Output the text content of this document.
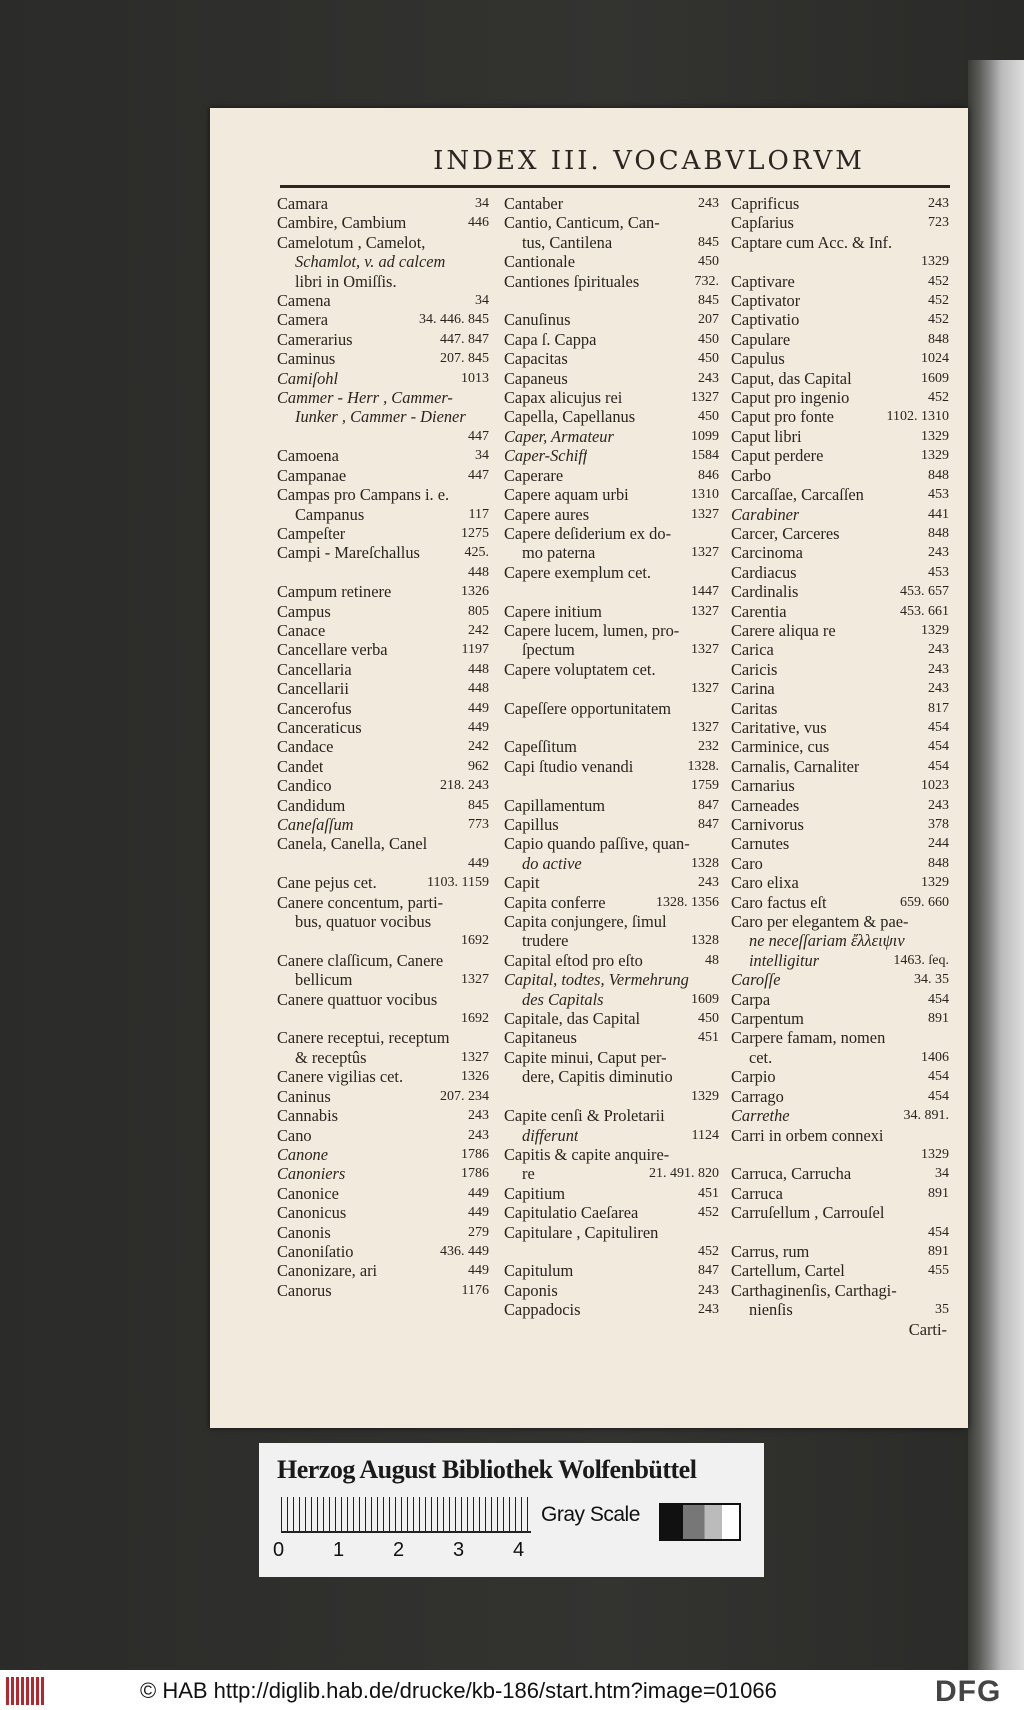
INDEX III. VOCABVLORVM
Camara	34
Cambire, Cambium	446
Camelotum , Camelot,
Schamlot, v. ad calcem
libri in Omiſſis.
Camena	34
Camera	34. 446. 845
Camerarius	447. 847
Caminus	207. 845
Camiſohl	1013
Cammer - Herr , Cammer-
Iunker , Cammer - Diener
447
Camoena	34
Campanae	447
Campas pro Campans i. e.
Campanus	117
Campeſter	1275
Campi - Mareſchallus	425.
448
Campum retinere	1326
Campus	805
Canace	242
Cancellare verba	1197
Cancellaria	448
Cancellarii	448
Cancerofus	449
Canceraticus	449
Candace	242
Candet	962
Candico	218. 243
Candidum	845
Caneſaſſum	773
Canela, Canella, Canel
449
Cane pejus cet.	1103. 1159
Canere concentum, parti-
bus, quatuor vocibus
1692
Canere claſſicum, Canere
bellicum	1327
Canere quattuor vocibus
1692
Canere receptui, receptum
& receptûs	1327
Canere vigilias cet.	1326
Caninus	207. 234
Cannabis	243
Cano	243
Canone	1786
Canoniers	1786
Canonice	449
Canonicus	449
Canonis	279
Canoniſatio	436. 449
Canonizare, ari	449
Canorus	1176
Cantaber	243
Cantio, Canticum, Can-
tus, Cantilena	845
Cantionale	450
Cantiones ſpirituales	732.
845
Canuſinus	207
Capa ſ. Cappa	450
Capacitas	450
Capaneus	243
Capax alicujus rei	1327
Capella, Capellanus	450
Caper, Armateur	1099
Caper-Schiff	1584
Caperare	846
Capere aquam urbi	1310
Capere aures	1327
Capere deſiderium ex do-
mo paterna	1327
Capere exemplum cet.
1447
Capere initium	1327
Capere lucem, lumen, pro-
ſpectum	1327
Capere voluptatem cet.
1327
Capeſſere opportunitatem
1327
Capeſſitum	232
Capi ſtudio venandi	1328.
1759
Capillamentum	847
Capillus	847
Capio quando paſſive, quan-
do active	1328
Capit	243
Capita conferre	1328. 1356
Capita conjungere, ſimul
trudere	1328
Capital eſtod pro eſto	48
Capital, todtes, Vermehrung
des Capitals	1609
Capitale, das Capital	450
Capitaneus	451
Capite minui, Caput per-
dere, Capitis diminutio
1329
Capite cenſi & Proletarii
differunt	1124
Capitis & capite anquire-
re	21. 491. 820
Capitium	451
Capitulatio Caeſarea	452
Capitulare , Capituliren
452
Capitulum	847
Caponis	243
Cappadocis	243
Caprificus	243
Capſarius	723
Captare cum Acc. & Inf.
1329
Captivare	452
Captivator	452
Captivatio	452
Capulare	848
Capulus	1024
Caput, das Capital	1609
Caput pro ingenio	452
Caput pro fonte	1102. 1310
Caput libri	1329
Caput perdere	1329
Carbo	848
Carcaſſae, Carcaſſen	453
Carabiner	441
Carcer, Carceres	848
Carcinoma	243
Cardiacus	453
Cardinalis	453. 657
Carentia	453. 661
Carere aliqua re	1329
Carica	243
Caricis	243
Carina	243
Caritas	817
Caritative, vus	454
Carminice, cus	454
Carnalis, Carnaliter	454
Carnarius	1023
Carneades	243
Carnivorus	378
Carnutes	244
Caro	848
Caro elixa	1329
Caro factus eſt	659. 660
Caro per elegantem & pae-
ne neceſſariam ἔλλειψιν
intelligitur	1463. ſeq.
Caroſſe	34. 35
Carpa	454
Carpentum	891
Carpere famam, nomen
cet.	1406
Carpio	454
Carrago	454
Carrethe	34. 891.
Carri in orbem connexi
1329
Carruca, Carrucha	34
Carruca	891
Carruſellum , Carrouſel
454
Carrus, rum	891
Cartellum, Cartel	455
Carthaginenſis, Carthagi-
nienſis	35
Carti-
Herzog August Bibliothek Wolfenbüttel
0 1 2 3 4
Gray Scale
© HAB http://diglib.hab.de/drucke/kb-186/start.htm?image=01066	DFG
